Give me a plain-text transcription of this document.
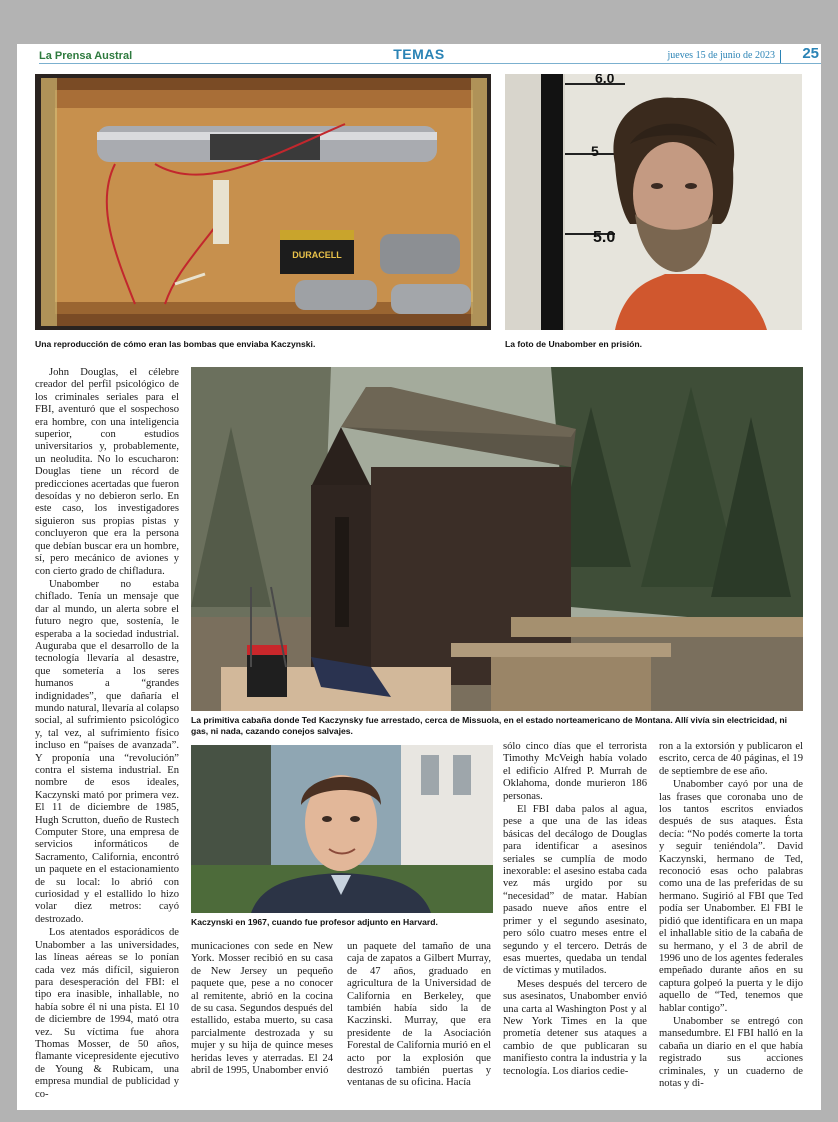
La Prensa Austral	TEMAS	jueves 15 de junio de 2023 25
DURACELL
6.0
5
5.0
Una reproducción de cómo eran las bombas que enviaba Kaczynski.	La foto de Unabomber en prisión.
La primitiva cabaña donde Ted Kaczynsky fue arrestado, cerca de Missuola, en el estado norteamericano de Montana. Allí vivía sin electricidad, ni gas, ni nada, cazando conejos salvajes.
Kaczynski en 1967, cuando fue profesor adjunto en Harvard.

John Douglas, el célebre creador del perfil psicológico de los criminales seriales para el FBI, aventuró que el sospechoso era hombre, con una inteligencia superior, con estudios universitarios y, probablemente, un neoludita. No lo escucharon: Douglas tiene un récord de predicciones acertadas que fueron desoídas y no debieron serlo. En este caso, los investigadores siguieron sus propias pistas y concluyeron que era la persona que debían buscar era un hombre, sí, pero mecánico de aviones y con cierto grado de chifladura.

Unabomber no estaba chiflado. Tenía un mensaje que dar al mundo, un alerta sobre el futuro negro que, sostenía, le esperaba a la sociedad industrial. Auguraba que el desarrollo de la tecnología llevaría al desastre, que sometería a los seres humanos a “grandes indignidades”, que dañaría el mundo natural, llevaría al colapso social, al sufrimiento psicológico y, tal vez, al sufrimiento físico incluso en “países de avanzada”. Y proponía una “revolución” contra el sistema industrial. En nombre de esos ideales, Kaczynski mató por primera vez. El 11 de diciembre de 1985, Hugh Scrutton, dueño de Rustech Computer Store, una empresa de servicios informáticos de Sacramento, California, encontró un paquete en el estacionamiento de su local: lo abrió con curiosidad y el estallido lo hizo volar diez metros: cayó destrozado.

Los atentados esporádicos de Unabomber a las universidades, las líneas aéreas se lo ponían cada vez más difícil, siguieron para desesperación del FBI: el tipo era inasible, inhallable, no había sobre él ni una pista. El 10 de diciembre de 1994, mató otra vez. Su víctima fue ahora Thomas Mosser, de 50 años, flamante vicepresidente ejecutivo de Young & Rubicam, una empresa mundial de publicidad y co-

municaciones con sede en New York. Mosser recibió en su casa de New Jersey un pequeño paquete que, pese a no conocer al remitente, abrió en la cocina de su casa. Segundos después del estallido, estaba muerto, su casa parcialmente destrozada y su mujer y su hija de quince meses heridas leves y aterradas. El 24 abril de 1995, Unabomber envió

un paquete del tamaño de una caja de zapatos a Gilbert Murray, de 47 años, graduado en agricultura de la Universidad de California en Berkeley, que también había sido la de Kaczinski. Murray, que era presidente de la Asociación Forestal de California murió en el acto por la explosión que destrozó también puertas y ventanas de su oficina. Hacía

sólo cinco días que el terrorista Timothy McVeigh había volado el edificio Alfred P. Murrah de Oklahoma, donde murieron 186 personas.

El FBI daba palos al agua, pese a que una de las ideas básicas del decálogo de Douglas para identificar a asesinos seriales se cumplía de modo inexorable: el asesino estaba cada vez más urgido por su “necesidad” de matar. Habían pasado nueve años entre el primer y el segundo asesinato, pero sólo cuatro meses entre el segundo y el tercero. Detrás de esas muertes, quedaba un tendal de víctimas y mutilados.

Meses después del tercero de sus asesinatos, Unabomber envió una carta al Washington Post y al New York Times en la que prometía detener sus ataques a cambio de que publicaran su manifiesto contra la industria y la tecnología. Los diarios cedie-

ron a la extorsión y publicaron el escrito, cerca de 40 páginas, el 19 de septiembre de ese año.

Unabomber cayó por una de las frases que coronaba uno de los tantos escritos enviados después de sus ataques. Ésta decía: “No podés comerte la torta y seguir teniéndola”. David Kaczynski, hermano de Ted, reconoció esas ocho palabras como una de las preferidas de su hermano. Sugirió al FBI que Ted podía ser Unabomber. El FBI le pidió que identificara en un mapa el inhallable sitio de la cabaña de su hermano, y el 3 de abril de 1996 uno de los agentes federales empeñado durante años en su captura golpeó la puerta y le dijo aquello de “Ted, tenemos que hablar contigo”.

Unabomber se entregó con mansedumbre. El FBI halló en la cabaña un diario en el que había registrado sus acciones criminales, y un cuaderno de notas y di-
